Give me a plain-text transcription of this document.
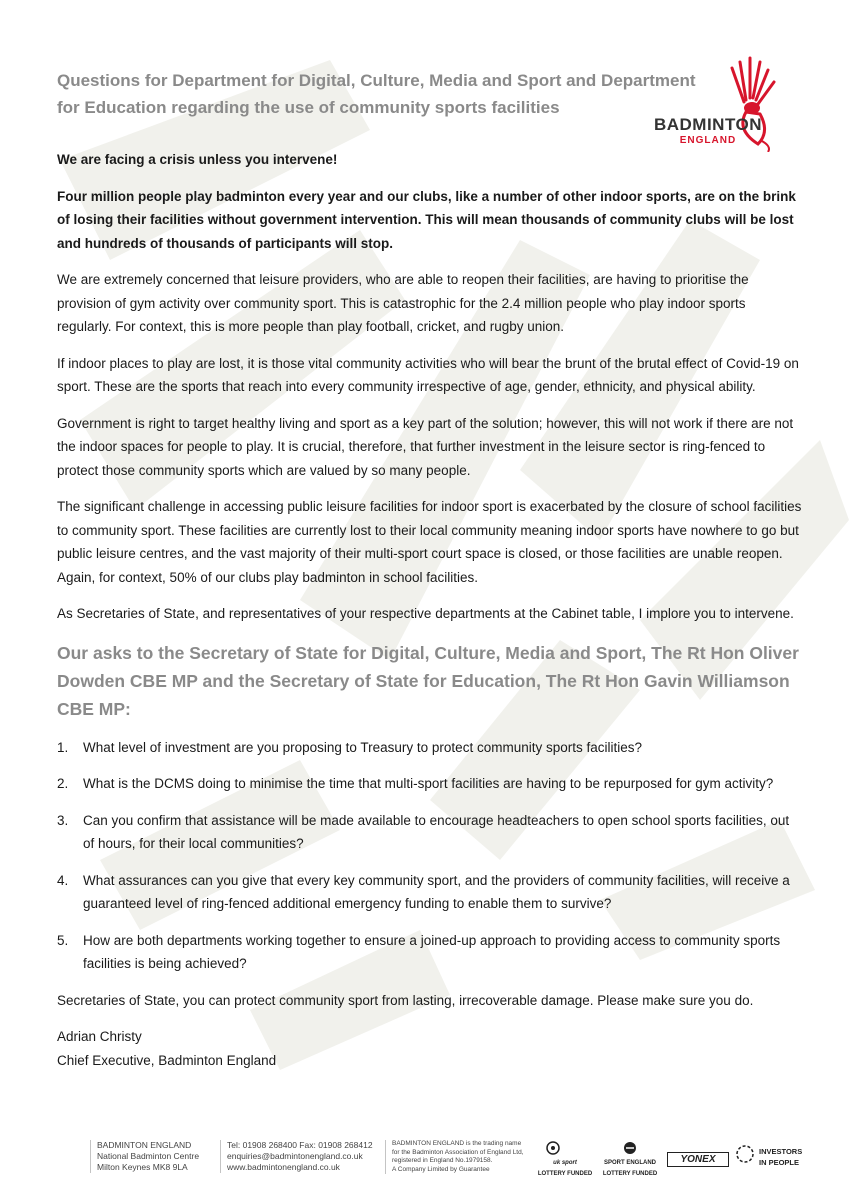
Questions for Department for Digital, Culture, Media and Sport and Department
for Education regarding the use of community sports facilities
BADMINTON
ENGLAND

We are facing a crisis unless you intervene!

Four million people play badminton every year and our clubs, like a number of other indoor sports, are on the brink of losing their facilities without government intervention. This will mean thousands of community clubs will be lost and hundreds of thousands of participants will stop.

We are extremely concerned that leisure providers, who are able to reopen their facilities, are having to prioritise the provision of gym activity over community sport. This is catastrophic for the 2.4 million people who play indoor sports regularly. For context, this is more people than play football, cricket, and rugby union.

If indoor places to play are lost, it is those vital community activities who will bear the brunt of the brutal effect of Covid-19 on sport. These are the sports that reach into every community irrespective of age, gender, ethnicity, and physical ability.

Government is right to target healthy living and sport as a key part of the solution; however, this will not work if there are not the indoor spaces for people to play. It is crucial, therefore, that further investment in the leisure sector is ring-fenced to protect those community sports which are valued by so many people.

The significant challenge in accessing public leisure facilities for indoor sport is exacerbated by the closure of school facilities to community sport. These facilities are currently lost to their local community meaning indoor sports have nowhere to go but public leisure centres, and the vast majority of their multi-sport court space is closed, or those facilities are unable reopen. Again, for context, 50% of our clubs play badminton in school facilities.

As Secretaries of State, and representatives of your respective departments at the Cabinet table, I implore you to intervene.

Our asks to the Secretary of State for Digital, Culture, Media and Sport, The Rt Hon Oliver Dowden CBE MP and the Secretary of State for Education, The Rt Hon Gavin Williamson CBE MP:
1. What level of investment are you proposing to Treasury to protect community sports facilities?
2. What is the DCMS doing to minimise the time that multi-sport facilities are having to be repurposed for gym activity?
3. Can you confirm that assistance will be made available to encourage headteachers to open school sports facilities, out of hours, for their local communities?
4. What assurances can you give that every key community sport, and the providers of community facilities, will receive a guaranteed level of ring-fenced additional emergency funding to enable them to survive?
5. How are both departments working together to ensure a joined-up approach to providing access to community sports facilities is being achieved?

Secretaries of State, you can protect community sport from lasting, irrecoverable damage. Please make sure you do.

Adrian Christy
Chief Executive, Badminton England
BADMINTON ENGLAND
National Badminton Centre
Milton Keynes MK8 9LA
Tel: 01908 268400 Fax: 01908 268412
enquiries@badmintonengland.co.uk
www.badmintonengland.co.uk
BADMINTON ENGLAND is the trading name
for the Badminton Association of England Ltd,
registered in England No.1979158.
A Company Limited by Guarantee
uk sport
LOTTERY FUNDED
SPORT ENGLAND
LOTTERY FUNDED
YONEX
INVESTORS
IN PEOPLE
